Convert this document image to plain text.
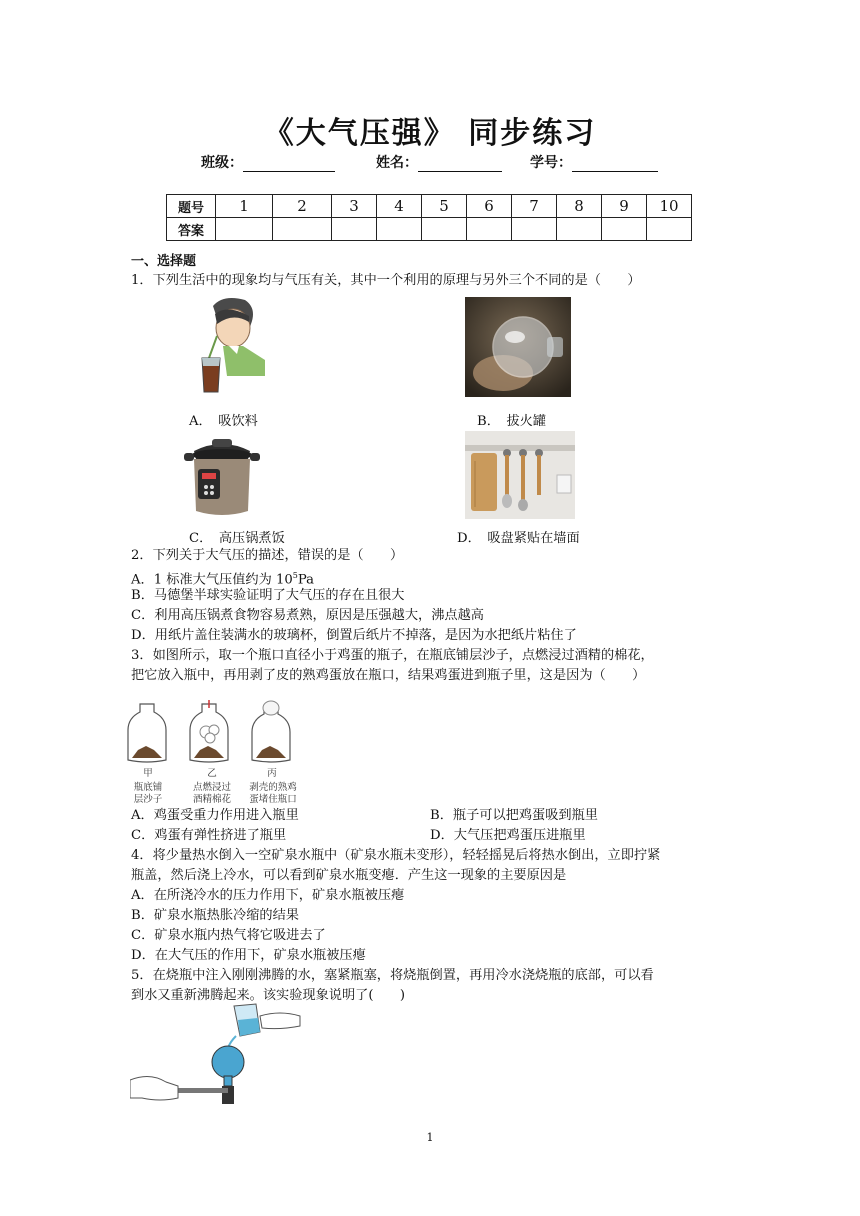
《大气压强》 同步练习
班级：	姓名：	学号：
题号	1	2	3	4	5	6	7	8	9	10
答案										
一、选择题
1．下列生活中的现象均与气压有关，其中一个利用的原理与另外三个不同的是（　　）
A．　吸饮料	B．　拔火罐
C．　高压锅煮饭	D．　吸盘紧贴在墙面
2．下列关于大气压的描述，错误的是（　　）
A．1 标准大气压值约为 $10^5Pa$
B．马德堡半球实验证明了大气压的存在且很大
C．利用高压锅煮食物容易煮熟，原因是压强越大，沸点越高
D．用纸片盖住装满水的玻璃杯，倒置后纸片不掉落，是因为水把纸片粘住了
3．如图所示，取一个瓶口直径小于鸡蛋的瓶子，在瓶底铺层沙子，点燃浸过酒精的棉花，
把它放入瓶中，再用剥了皮的熟鸡蛋放在瓶口，结果鸡蛋进到瓶子里，这是因为（　　）
甲	乙	丙
瓶底铺
层沙子
点燃浸过
酒精棉花
剥壳的熟鸡
蛋堵住瓶口
A．鸡蛋受重力作用进入瓶里	B．瓶子可以把鸡蛋吸到瓶里
C．鸡蛋有弹性挤进了瓶里	D．大气压把鸡蛋压进瓶里
4．将少量热水倒入一空矿泉水瓶中（矿泉水瓶未变形），轻轻摇晃后将热水倒出，立即拧紧
瓶盖，然后浇上冷水，可以看到矿泉水瓶变瘪．产生这一现象的主要原因是
A．在所浇冷水的压力作用下，矿泉水瓶被压瘪
B．矿泉水瓶热胀冷缩的结果
C．矿泉水瓶内热气将它吸进去了
D．在大气压的作用下，矿泉水瓶被压瘪
5．在烧瓶中注入刚刚沸腾的水，塞紧瓶塞，将烧瓶倒置，再用冷水浇烧瓶的底部，可以看
到水又重新沸腾起来。该实验现象说明了(　　)
1
